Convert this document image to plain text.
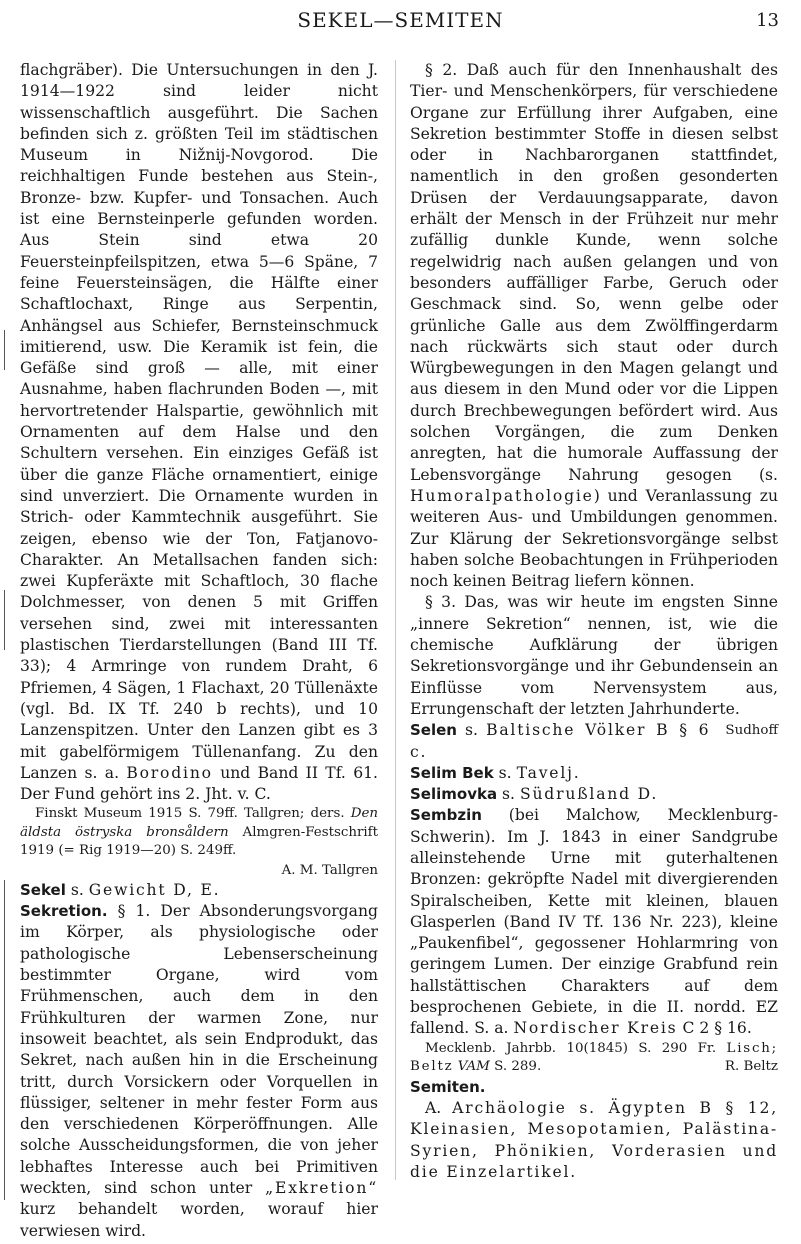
SEKEL—SEMITEN	13

flachgräber). Die Untersuchungen in den J. 1914—1922 sind leider nicht wissenschaftlich ausgeführt. Die Sachen befinden sich z. größten Teil im städtischen Museum in Nižnij-Novgorod. Die reichhaltigen Funde bestehen aus Stein-, Bronze- bzw. Kupfer- und Tonsachen. Auch ist eine Bernsteinperle gefunden worden. Aus Stein sind etwa 20 Feuersteinpfeilspitzen, etwa 5—6 Späne, 7 feine Feuersteinsägen, die Hälfte einer Schaftlochaxt, Ringe aus Serpentin, Anhängsel aus Schiefer, Bernsteinschmuck imitierend, usw. Die Keramik ist fein, die Gefäße sind groß — alle, mit einer Ausnahme, haben flachrunden Boden —, mit hervortretender Halspartie, gewöhnlich mit Ornamenten auf dem Halse und den Schultern versehen. Ein einziges Gefäß ist über die ganze Fläche ornamentiert, einige sind unverziert. Die Ornamente wurden in Strich- oder Kammtechnik ausgeführt. Sie zeigen, ebenso wie der Ton, Fatjanovo-Charakter. An Metallsachen fanden sich: zwei Kupferäxte mit Schaftloch, 30 flache Dolchmesser, von denen 5 mit Griffen versehen sind, zwei mit interessanten plastischen Tierdarstellungen (Band III Tf. 33); 4 Armringe von rundem Draht, 6 Pfriemen, 4 Sägen, 1 Flachaxt, 20 Tüllenäxte (vgl. Bd. IX Tf. 240 b rechts), und 10 Lanzenspitzen. Unter den Lanzen gibt es 3 mit gabelförmigem Tüllenanfang. Zu den Lanzen s. a. Borodino und Band II Tf. 61. Der Fund gehört ins 2. Jht. v. C.

Finskt Museum 1915 S. 79ff. Tallgren; ders. Den äldsta östryska bronsåldern Almgren-Festschrift 1919 (= Rig 1919—20) S. 249ff.

A. M. Tallgren

Sekel s. Gewicht D, E.

Sekretion. § 1. Der Absonderungsvorgang im Körper, als physiologische oder pathologische Lebenserscheinung bestimmter Organe, wird vom Frühmenschen, auch dem in den Frühkulturen der warmen Zone, nur insoweit beachtet, als sein Endprodukt, das Sekret, nach außen hin in die Erscheinung tritt, durch Vorsickern oder Vorquellen in flüssiger, seltener in mehr fester Form aus den verschiedenen Körperöffnungen. Alle solche Ausscheidungsformen, die von jeher lebhaftes Interesse auch bei Primitiven weckten, sind schon unter „Exkretion“ kurz behandelt worden, worauf hier verwiesen wird.

§ 2. Daß auch für den Innenhaushalt des Tier- und Menschenkörpers, für verschiedene Organe zur Erfüllung ihrer Aufgaben, eine Sekretion bestimmter Stoffe in diesen selbst oder in Nachbarorganen stattfindet, namentlich in den großen gesonderten Drüsen der Verdauungsapparate, davon erhält der Mensch in der Frühzeit nur mehr zufällig dunkle Kunde, wenn solche regelwidrig nach außen gelangen und von besonders auffälliger Farbe, Geruch oder Geschmack sind. So, wenn gelbe oder grünliche Galle aus dem Zwölffingerdarm nach rückwärts sich staut oder durch Würgbewegungen in den Magen gelangt und aus diesem in den Mund oder vor die Lippen durch Brechbewegungen befördert wird. Aus solchen Vorgängen, die zum Denken anregten, hat die humorale Auffassung der Lebensvorgänge Nahrung gesogen (s. Humoralpathologie) und Veranlassung zu weiteren Aus- und Umbildungen genommen. Zur Klärung der Sekretionsvorgänge selbst haben solche Beobachtungen in Frühperioden noch keinen Beitrag liefern können.

§ 3. Das, was wir heute im engsten Sinne „innere Sekretion“ nennen, ist, wie die chemische Aufklärung der übrigen Sekretionsvorgänge und ihr Gebundensein an Einflüsse vom Nervensystem aus, Errungenschaft der letzten Jahrhunderte.
Sudhoff

Selen s. Baltische Völker B § 6 c.

Selim Bek s. Tavelj.

Selimovka s. Südrußland D.

Sembzin (bei Malchow, Mecklenburg-Schwerin). Im J. 1843 in einer Sandgrube alleinstehende Urne mit guterhaltenen Bronzen: gekröpfte Nadel mit divergierenden Spiralscheiben, Kette mit kleinen, blauen Glasperlen (Band IV Tf. 136 Nr. 223), kleine „Paukenfibel“, gegossener Hohlarmring von geringem Lumen. Der einzige Grabfund rein hallstättischen Charakters auf dem besprochenen Gebiete, in die II. nordd. EZ fallend. S. a. Nordischer Kreis C 2 § 16.

Mecklenb. Jahrbb. 10(1845) S. 290 Fr. Lisch; Beltz VAM S. 289.	R. Beltz

Semiten.

A. Archäologie s. Ägypten B § 12, Kleinasien, Mesopotamien, Palästina-Syrien, Phönikien, Vorderasien und die Einzelartikel.
